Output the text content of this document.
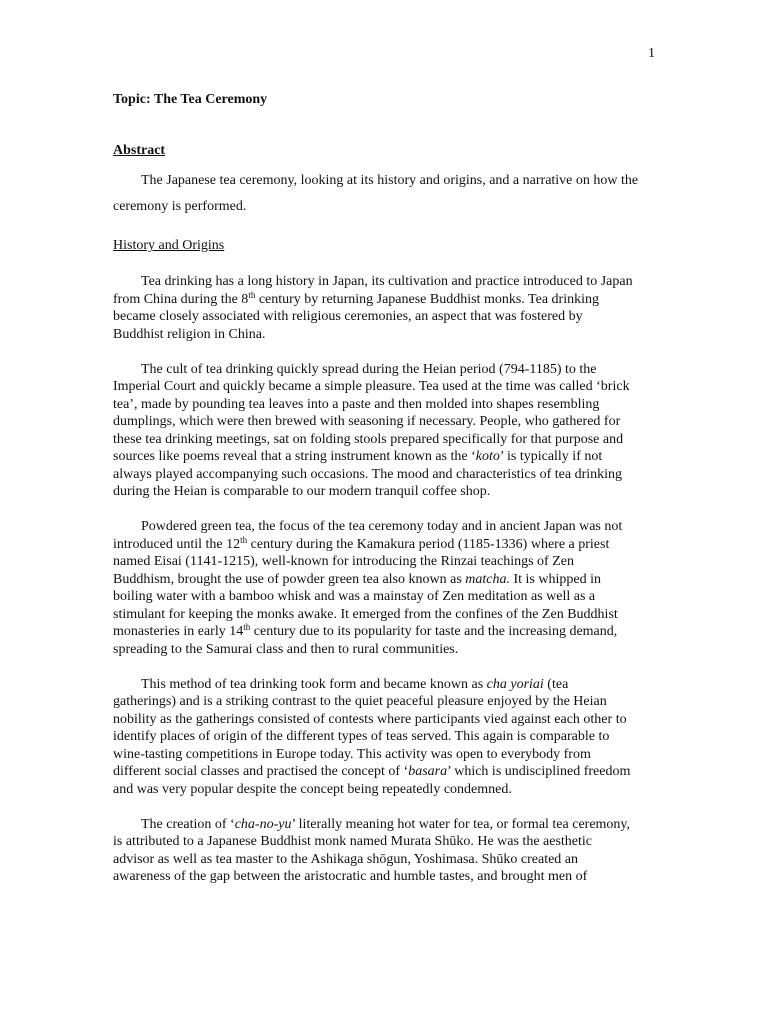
1
Topic: The Tea Ceremony
Abstract

The Japanese tea ceremony, looking at its history and origins, and a narrative on how the ceremony is performed.

History and Origins

Tea drinking has a long history in Japan, its cultivation and practice introduced to Japan from China during the 8th century by returning Japanese Buddhist monks. Tea drinking became closely associated with religious ceremonies, an aspect that was fostered by Buddhist religion in China.

The cult of tea drinking quickly spread during the Heian period (794-1185) to the Imperial Court and quickly became a simple pleasure. Tea used at the time was called ‘brick tea’, made by pounding tea leaves into a paste and then molded into shapes resembling dumplings, which were then brewed with seasoning if necessary. People, who gathered for these tea drinking meetings, sat on folding stools prepared specifically for that purpose and sources like poems reveal that a string instrument known as the ‘koto’ is typically if not always played accompanying such occasions. The mood and characteristics of tea drinking during the Heian is comparable to our modern tranquil coffee shop.

Powdered green tea, the focus of the tea ceremony today and in ancient Japan was not introduced until the 12th century during the Kamakura period (1185-1336) where a priest named Eisai (1141-1215), well-known for introducing the Rinzai teachings of Zen Buddhism, brought the use of powder green tea also known as matcha. It is whipped in boiling water with a bamboo whisk and was a mainstay of Zen meditation as well as a stimulant for keeping the monks awake. It emerged from the confines of the Zen Buddhist monasteries in early 14th century due to its popularity for taste and the increasing demand, spreading to the Samurai class and then to rural communities.

This method of tea drinking took form and became known as cha yoriai (tea gatherings) and is a striking contrast to the quiet peaceful pleasure enjoyed by the Heian nobility as the gatherings consisted of contests where participants vied against each other to identify places of origin of the different types of teas served. This again is comparable to wine-tasting competitions in Europe today. This activity was open to everybody from different social classes and practised the concept of ‘basara’ which is undisciplined freedom and was very popular despite the concept being repeatedly condemned.

The creation of ‘cha-no-yu’ literally meaning hot water for tea, or formal tea ceremony, is attributed to a Japanese Buddhist monk named Murata Shūko. He was the aesthetic advisor as well as tea master to the Ashikaga shōgun, Yoshimasa. Shūko created an awareness of the gap between the aristocratic and humble tastes, and brought men of
